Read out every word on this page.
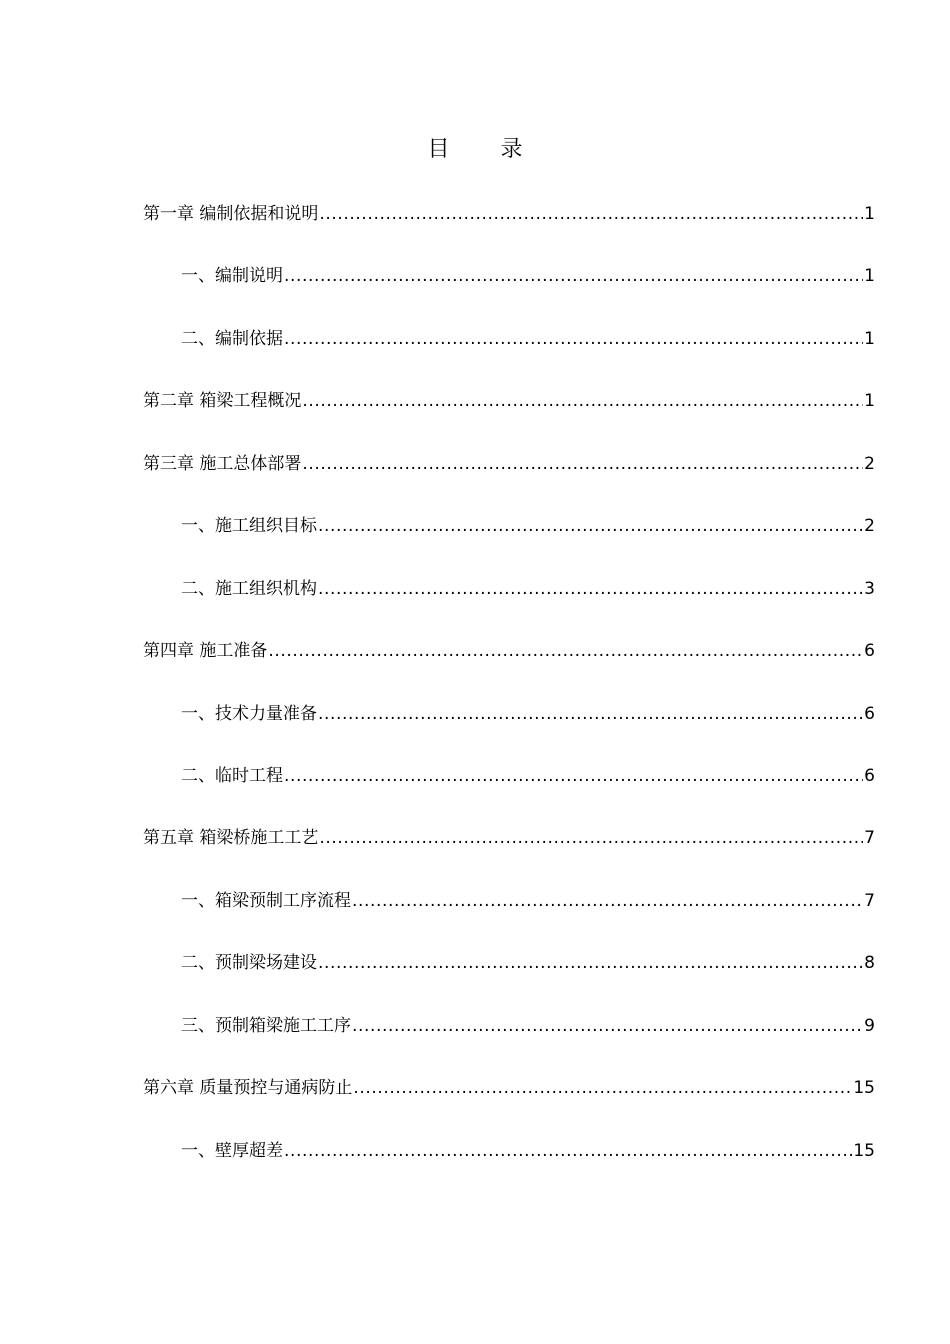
目 录
第一章 编制依据和说明 .....	1
一、编制说明 .....	1
二、编制依据 .....	1
第二章 箱梁工程概况 .....	1
第三章 施工总体部署 .....	2
一、施工组织目标 .....	2
二、施工组织机构 .....	3
第四章 施工准备 .....	6
一、技术力量准备 .....	6
二、临时工程 .....	6
第五章 箱梁桥施工工艺 .....	7
一、箱梁预制工序流程 .....	7
二、预制梁场建设 .....	8
三、预制箱梁施工工序 .....	9
第六章 质量预控与通病防止 .....	15
一、壁厚超差 .....	15
